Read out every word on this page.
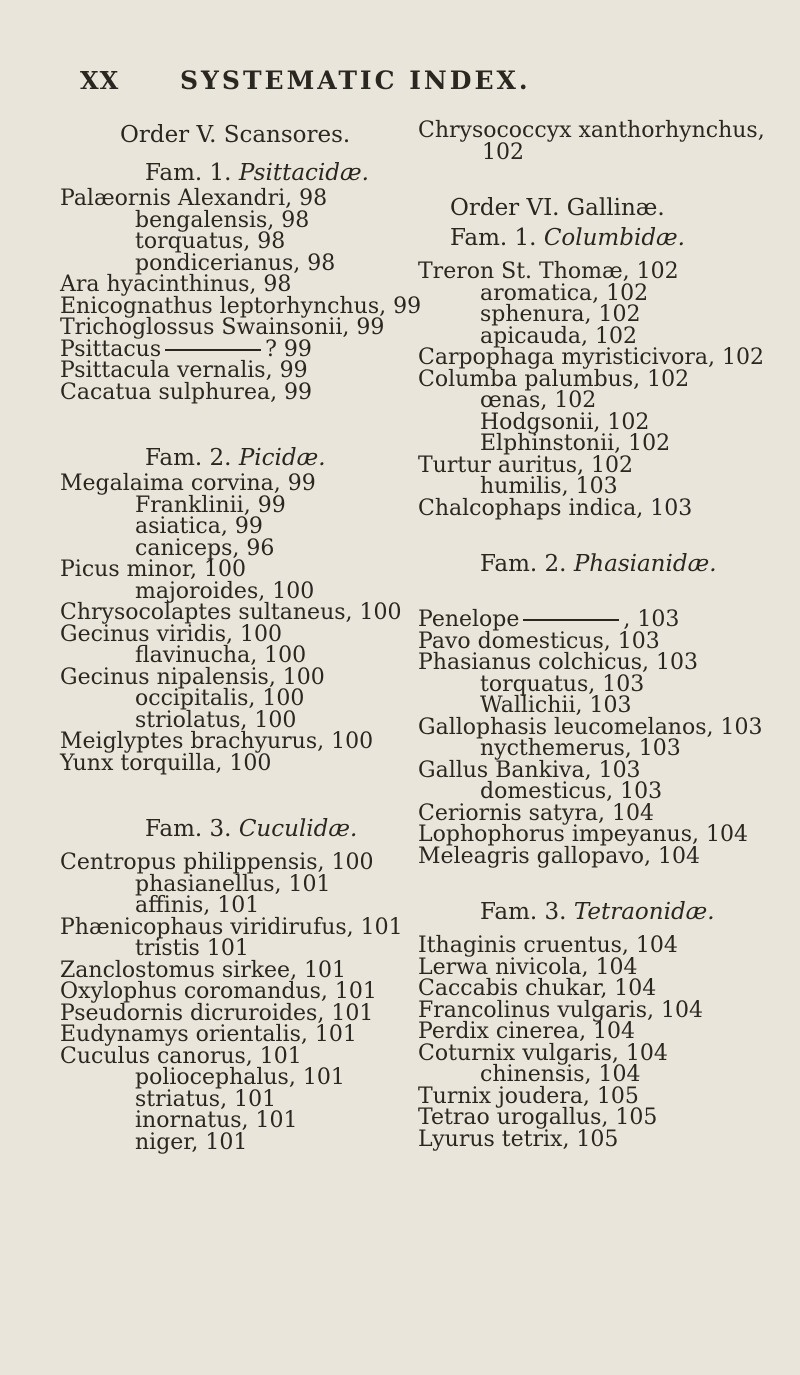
XX SYSTEMATIC INDEX.
Order V. Scansores.
Fam. 1. Psittacidæ.
Palæornis Alexandri, 98
bengalensis, 98
torquatus, 98
pondicerianus, 98
Ara hyacinthinus, 98
Enicognathus leptorhynchus, 99
Trichoglossus Swainsonii, 99
Psittacus	? 99
Psittacula vernalis, 99
Cacatua sulphurea, 99
Fam. 2. Picidæ.
Megalaima corvina, 99
Franklinii, 99
asiatica, 99
caniceps, 96
Picus minor, 100
majoroides, 100
Chrysocolaptes sultaneus, 100
Gecinus viridis, 100
flavinucha, 100
Gecinus nipalensis, 100
occipitalis, 100
striolatus, 100
Meiglyptes brachyurus, 100
Yunx torquilla, 100
Fam. 3. Cuculidæ.
Centropus philippensis, 100
phasianellus, 101
affinis, 101
Phænicophaus viridirufus, 101
tristis 101
Zanclostomus sirkee, 101
Oxylophus coromandus, 101
Pseudornis dicruroides, 101
Eudynamys orientalis, 101
Cuculus canorus, 101
poliocephalus, 101
striatus, 101
inornatus, 101
niger, 101
Chrysococcyx xanthorhynchus,
102
Order VI. Gallinæ.
Fam. 1. Columbidæ.
Treron St. Thomæ, 102
aromatica, 102
sphenura, 102
apicauda, 102
Carpophaga myristicivora, 102
Columba palumbus, 102
œnas, 102
Hodgsonii, 102
Elphinstonii, 102
Turtur auritus, 102
humilis, 103
Chalcophaps indica, 103
Fam. 2. Phasianidæ.
Penelope	, 103
Pavo domesticus, 103
Phasianus colchicus, 103
torquatus, 103
Wallichii, 103
Gallophasis leucomelanos, 103
nycthemerus, 103
Gallus Bankiva, 103
domesticus, 103
Ceriornis satyra, 104
Lophophorus impeyanus, 104
Meleagris gallopavo, 104
Fam. 3. Tetraonidæ.
Ithaginis cruentus, 104
Lerwa nivicola, 104
Caccabis chukar, 104
Francolinus vulgaris, 104
Perdix cinerea, 104
Coturnix vulgaris, 104
chinensis, 104
Turnix joudera, 105
Tetrao urogallus, 105
Lyurus tetrix, 105
